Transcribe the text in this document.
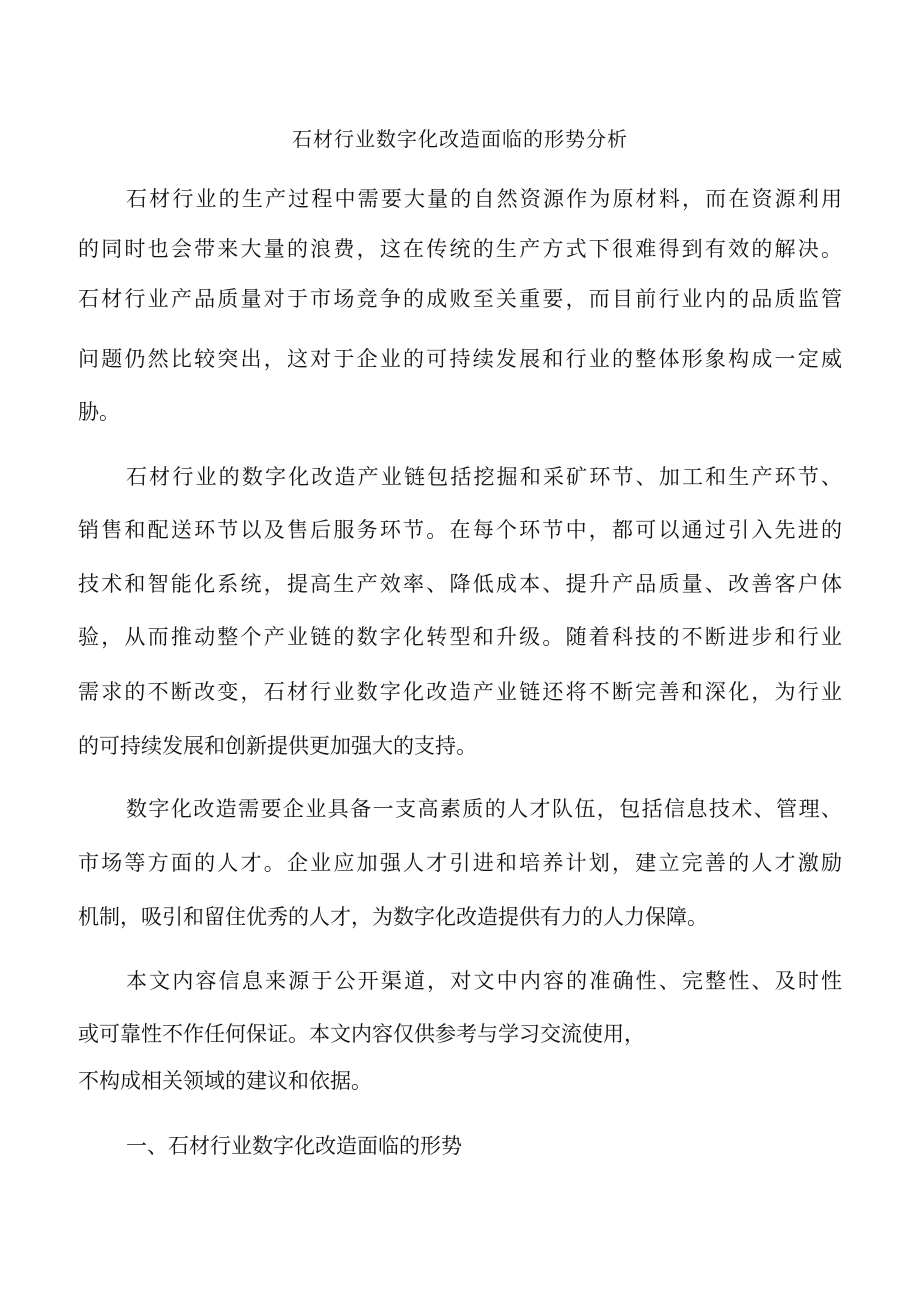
石材行业数字化改造面临的形势分析
石材行业的生产过程中需要大量的自然资源作为原材料，而在资源利用
的同时也会带来大量的浪费，这在传统的生产方式下很难得到有效的解决。
石材行业产品质量对于市场竞争的成败至关重要，而目前行业内的品质监管
问题仍然比较突出，这对于企业的可持续发展和行业的整体形象构成一定威
胁。
石材行业的数字化改造产业链包括挖掘和采矿环节、加工和生产环节、
销售和配送环节以及售后服务环节。在每个环节中，都可以通过引入先进的
技术和智能化系统，提高生产效率、降低成本、提升产品质量、改善客户体
验，从而推动整个产业链的数字化转型和升级。随着科技的不断进步和行业
需求的不断改变，石材行业数字化改造产业链还将不断完善和深化，为行业
的可持续发展和创新提供更加强大的支持。
数字化改造需要企业具备一支高素质的人才队伍，包括信息技术、管理、
市场等方面的人才。企业应加强人才引进和培养计划，建立完善的人才激励
机制，吸引和留住优秀的人才，为数字化改造提供有力的人力保障。
本文内容信息来源于公开渠道，对文中内容的准确性、完整性、及时性
或可靠性不作任何保证。本文内容仅供参考与学习交流使用，
不构成相关领域的建议和依据。
一、石材行业数字化改造面临的形势
